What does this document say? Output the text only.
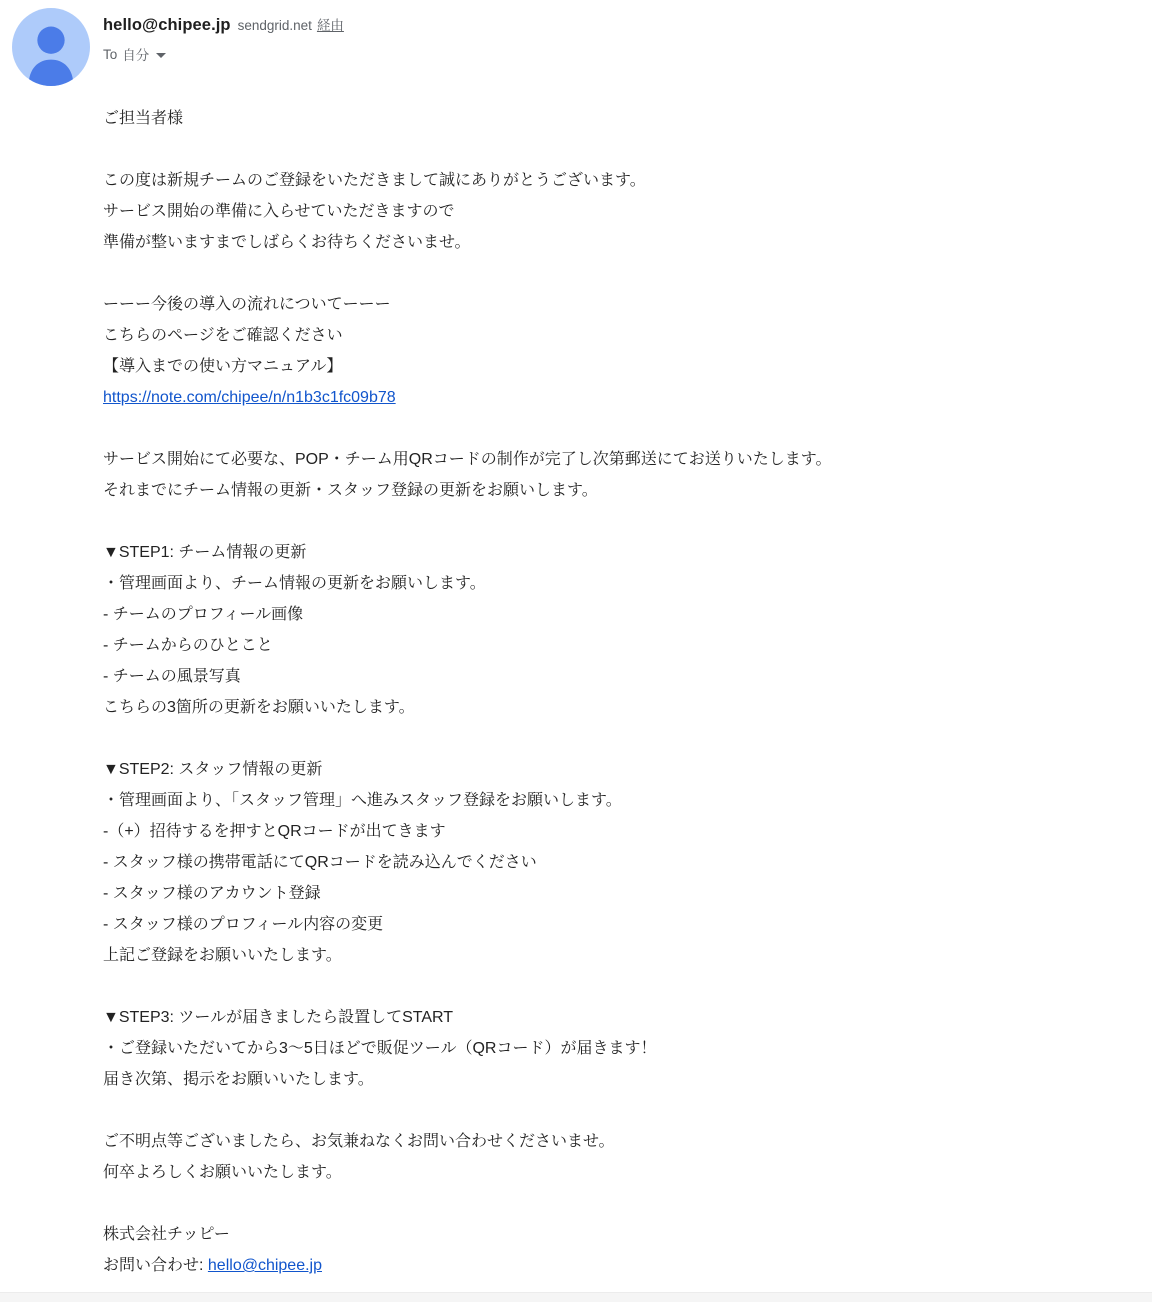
hello@chipee.jp sendgrid.net 経由
To 自分
ご担当者様

この度は新規チームのご登録をいただきまして誠にありがとうございます。
サービス開始の準備に入らせていただきますので
準備が整いますまでしばらくお待ちくださいませ。

ーーー今後の導入の流れについてーーー
こちらのページをご確認ください
【導入までの使い方マニュアル】
https://note.com/chipee/n/n1b3c1fc09b78

サービス開始にて必要な、POP・チーム用QRコードの制作が完了し次第郵送にてお送りいたします。
それまでにチーム情報の更新・スタッフ登録の更新をお願いします。

▼STEP1: チーム情報の更新
・管理画面より、チーム情報の更新をお願いします。
- チームのプロフィール画像
- チームからのひとこと
- チームの風景写真
こちらの3箇所の更新をお願いいたします。

▼STEP2: スタッフ情報の更新
・管理画面より、「スタッフ管理」へ進みスタッフ登録をお願いします。
-（+）招待するを押すとQRコードが出てきます
- スタッフ様の携帯電話にてQRコードを読み込んでください
- スタッフ様のアカウント登録
- スタッフ様のプロフィール内容の変更
上記ご登録をお願いいたします。

▼STEP3: ツールが届きましたら設置してSTART
・ご登録いただいてから3〜5日ほどで販促ツール（QRコード）が届きます！
届き次第、掲示をお願いいたします。

ご不明点等ございましたら、お気兼ねなくお問い合わせくださいませ。
何卒よろしくお願いいたします。

株式会社チッピー
お問い合わせ: hello@chipee.jp
